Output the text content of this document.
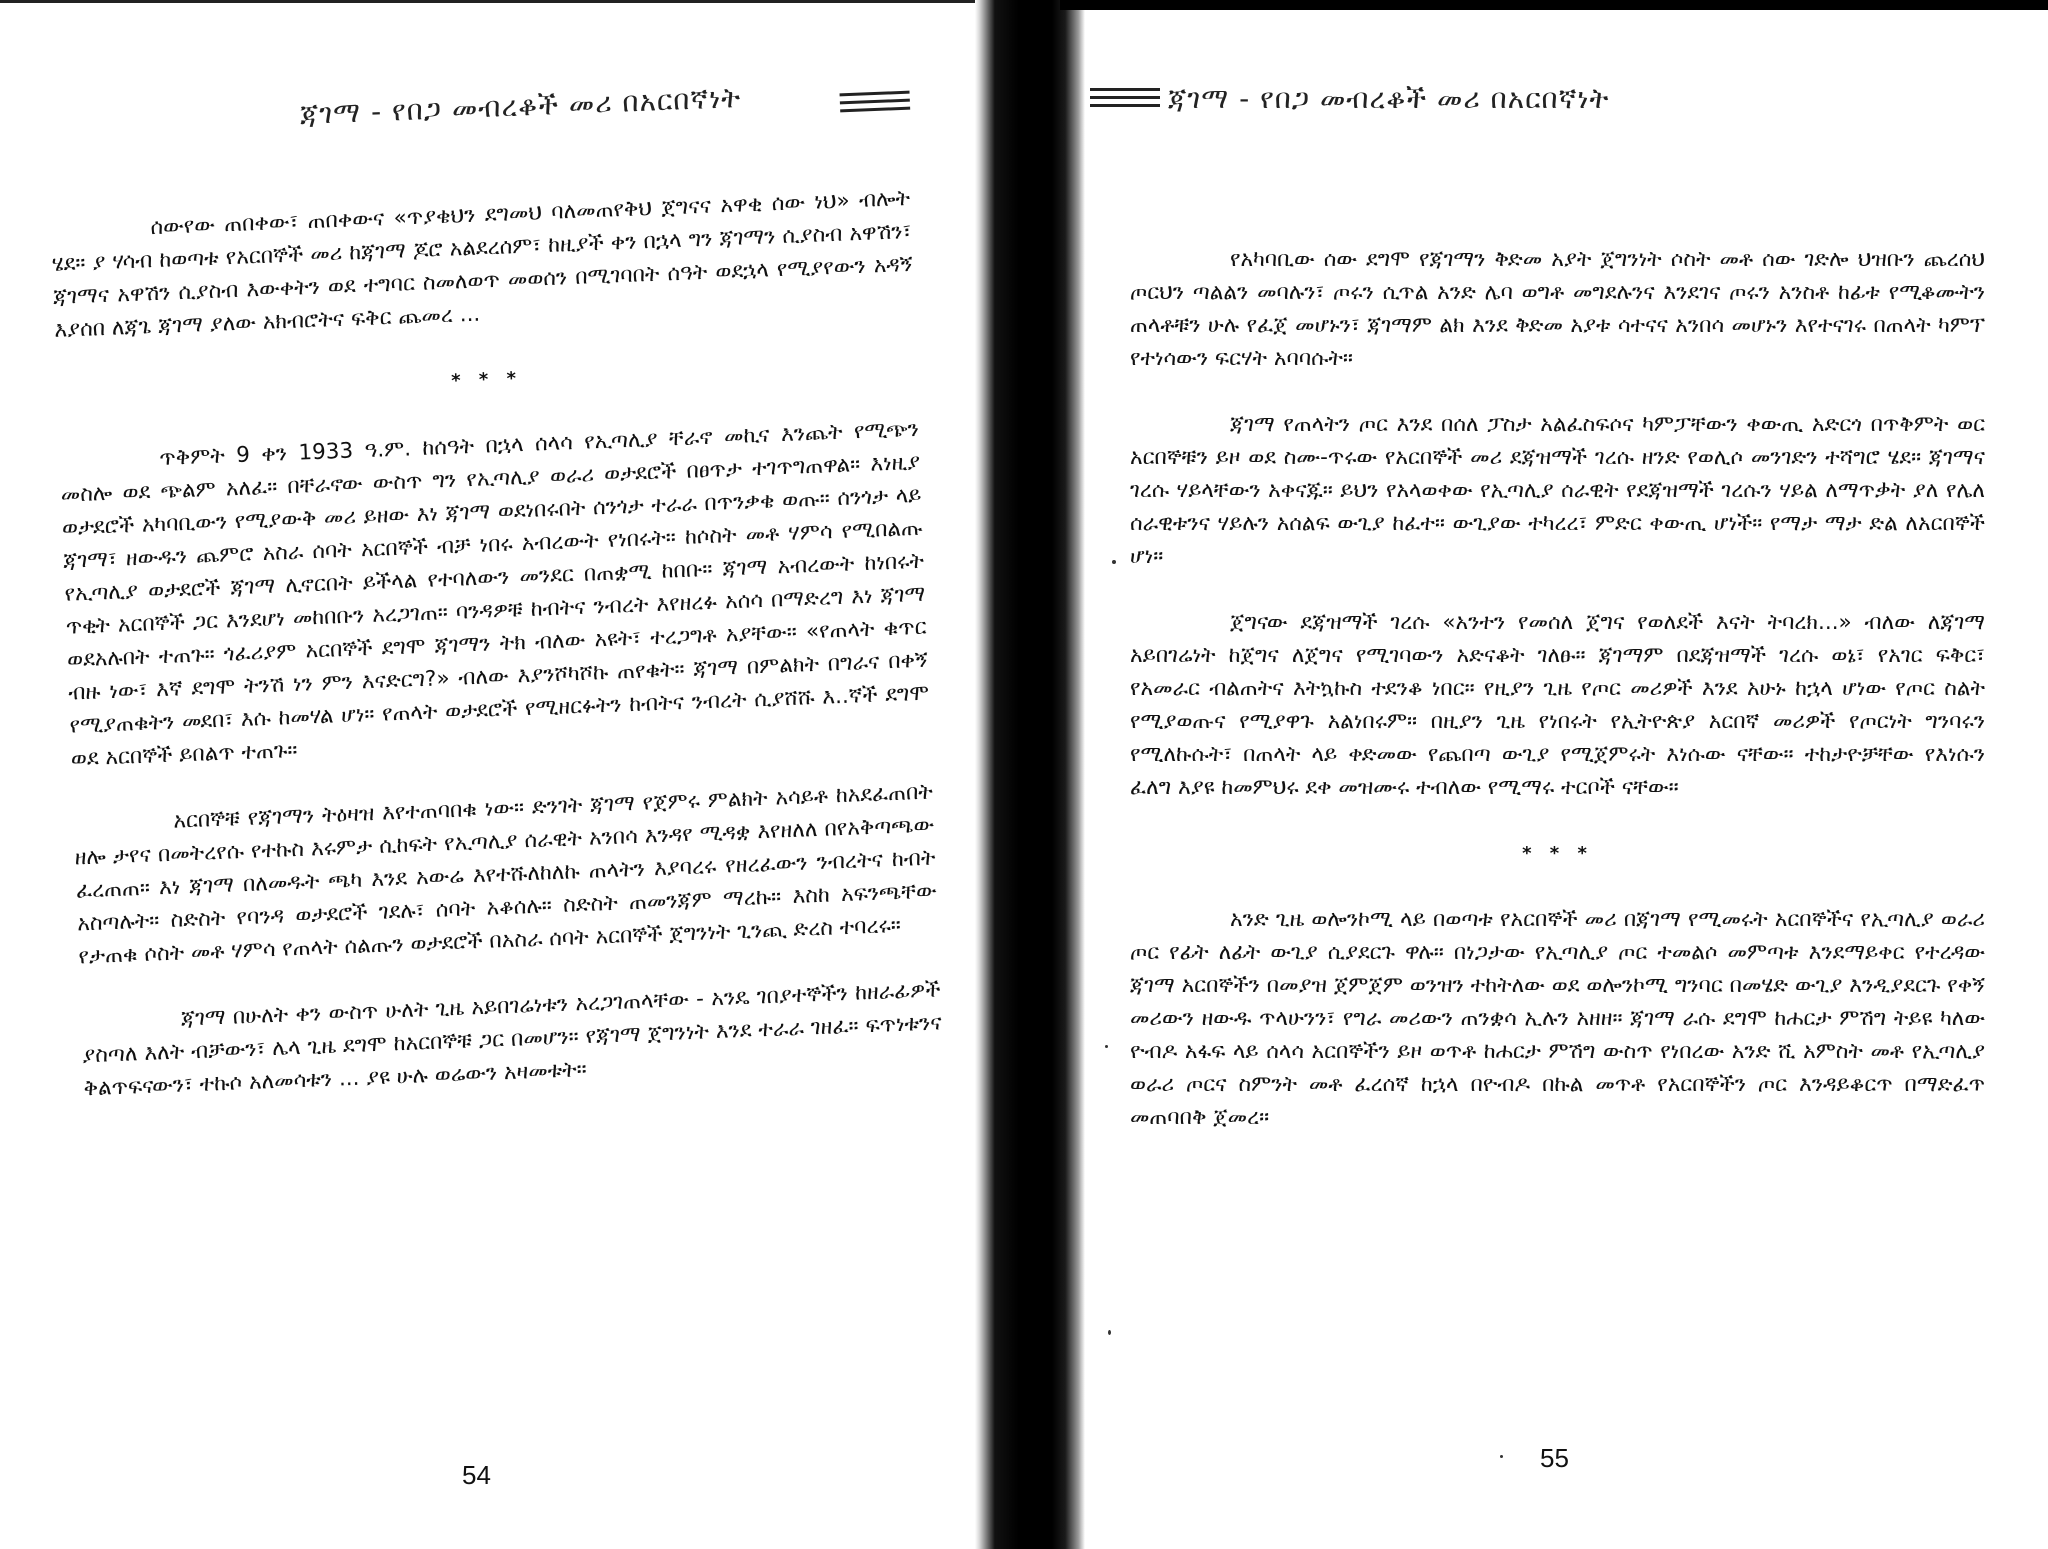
ጃገማ - የበጋ መብረቆች መሪ በአርበኛነት

ሰውየው ጠበቀው፣ ጠበቀውና «ጥያቄህን ደግመህ ባለመጠየቅህ ጀግናና አዋቂ ሰው ነህ» ብሎት ሄደ። ያ ሃሳብ ከወጣቱ የአርበኞች መሪ ከጃገማ ጆሮ አልደረሰም፣ ከዚያች ቀን በኋላ ግን ጃገማን ሲያስብ አዋሽን፣ ጃገማና አዋሽን ሲያስብ እውቀትን ወደ ተግባር ስመለወጥ መወሰን በሚገባበት ሰዓት ወደኋላ የሚያየውን አዳኝ እያሰበ ለጃጌ ጃገማ ያለው አክብሮትና ፍቅር ጨመረ ...

* * *

ጥቅምት 9 ቀን 1933 ዓ.ም. ከሰዓት በኋላ ሰላሳ የኢጣሊያ ቸራኖ መኪና እንጨት የሚጭን መስሎ ወደ ጭልም አለፈ። በቸራኖው ውስጥ ግን የኢጣሊያ ወራሪ ወታደሮች በፀጥታ ተገጥግጠዋል። እነዚያ ወታደሮች አካባቢውን የሚያውቅ መሪ ይዘው እነ ጃገማ ወደነበሩበት ሰንጎታ ተራራ በጥንቃቄ ወጡ። ሰንጎታ ላይ ጃገማ፣ ዘውዱን ጨምሮ አስራ ሰባት አርበኞች ብቻ ነበሩ አብረውት የነበሩት። ከሶስት መቶ ሃምሳ የሚበልጡ የኢጣሊያ ወታደሮች ጃገማ ሊኖርበት ይችላል የተባለውን መንደር በጠቋሚ ከበቡ። ጃገማ አብረውት ከነበሩት ጥቂት አርበኞች ጋር እንደሆነ መከበቡን አረጋገጠ። ባንዳዎቹ ከብትና ንብረት እየዘረፉ አሰሳ በማድረግ እነ ጃገማ ወደአሉበት ተጠጉ። ጎፈሪያም አርበኞች ደግሞ ጃገማን ትክ ብለው አዩት፣ ተረጋግቶ አያቸው። «የጠላት ቁጥር ብዙ ነው፣ እኛ ደግሞ ትንሽ ነን ምን እናድርግ?» ብለው እያንሾካሾኩ ጠየቁት። ጃገማ በምልክት በግራና በቀኝ የሚያጠቁትን መደበ፣ እሱ ከመሃል ሆነ። የጠላት ወታደሮች የሚዘርፉትን ከብትና ንብረት ሲያሸሹ እ..ኛች ደግሞ ወደ አርበኞች ይበልጥ ተጠጉ።

አርበኞቹ የጃገማን ትዕዛዝ እየተጠባበቁ ነው። ድንገት ጃገማ የጀምሩ ምልክት አሳይቶ ከአደፈጠበት ዘሎ ታየና በመትረየሱ የተኩስ እሩምታ ሲከፍት የኢጣሊያ ሰራዊት አንበሳ እንዳየ ሚዳቋ እየዘለለ በየአቅጣጫው ፈረጠጠ። እነ ጃገማ በለመዱት ጫካ እንደ አውሬ እየተሹለከለኩ ጠላትን እያባረሩ የዘረፈውን ንብረትና ከብት አስጣሉት። ስድስት የባንዳ ወታደሮች ገደሉ፣ ሰባት አቆሰሉ። ስድስት ጠመንጃም ማረኩ። እስከ አፍንጫቸው የታጠቁ ሶስት መቶ ሃምሳ የጠላት ሰልጡን ወታደሮች በአስራ ሰባት አርበኞች ጀግንነት ጊንጪ ድረስ ተባረሩ።

ጃገማ በሁለት ቀን ውስጥ ሁለት ጊዜ አይበገሬነቱን አረጋገጠላቸው - አንዴ ገበያተኞችን ከዘራፊዎች ያስጣለ እለት ብቻውን፣ ሌላ ጊዜ ደግሞ ከአርበኞቹ ጋር በመሆን። የጃገማ ጀግንነት እንደ ተራራ ገዘፈ። ፍጥነቱንና ቅልጥፍናውን፣ ተኩሶ አለመሳቱን ... ያዩ ሁሉ ወሬውን አዛመቱት።

54
ጃገማ - የበጋ መብረቆች መሪ በአርበኛነት

የአካባቢው ሰው ደግሞ የጃገማን ቅድመ አያት ጀግንነት ሶስት መቶ ሰው ገድሎ ህዝቡን ጨረሰህ ጦርህን ጣልልን መባሉን፣ ጦሩን ሲጥል አንድ ሌባ ወግቶ መግደሉንና እንደገና ጦሩን አንስቶ ከፊቱ የሚቆሙትን ጠላቶቹን ሁሉ የፈጀ መሆኑን፣ ጃገማም ልክ እንደ ቅድመ አያቱ ሳተናና አንበሳ መሆኑን እየተናገሩ በጠላት ካምፕ የተነሳውን ፍርሃት አባባሱት።

ጃገማ የጠላትን ጦር እንደ በሰለ ፓስታ አልፈስፍሶና ካምፓቸውን ቀውጢ አድርጎ በጥቅምት ወር አርበኞቹን ይዞ ወደ ስሙ-ጥሩው የአርበኞች መሪ ደጃዝማች ገረሱ ዘንድ የወሊሶ መንገድን ተሻግሮ ሄደ። ጃገማና ገረሱ ሃይላቸውን አቀናጁ። ይህን የአላወቀው የኢጣሊያ ሰራዊት የደጃዝማች ገረሱን ሃይል ለማጥቃት ያለ የሌለ ሰራዊቱንና ሃይሉን አሰልፍ ውጊያ ከፈተ። ውጊያው ተካረረ፣ ምድር ቀውጢ ሆነች። የማታ ማታ ድል ለአርበኞች ሆነ።

ጀግናው ደጃዝማች ገረሱ «አንተን የመሰለ ጀግና የወለደች እናት ትባረክ...» ብለው ለጃገማ አይበገሬነት ከጀግና ለጀግና የሚገባውን አድናቆት ገለፁ። ጃገማም በደጃዝማች ገረሱ ወኔ፣ የአገር ፍቅር፣ የአመራር ብልጠትና እትኳኩስ ተደንቆ ነበር። የዚያን ጊዜ የጦር መሪዎች እንደ አሁኑ ከኋላ ሆነው የጦር ስልት የሚያወጡና የሚያዋጉ አልነበሩም። በዚያን ጊዜ የነበሩት የኢትዮጵያ አርበኛ መሪዎች የጦርነት ግንባሩን የሚለኩሱት፣ በጠላት ላይ ቀድመው የጨበጣ ውጊያ የሚጀምሩት እነሱው ናቸው። ተከታዮቻቸው የእነሱን ፈለግ እያዩ ከመምህሩ ደቀ መዝሙሩ ተብለው የሚማሩ ተርቦች ናቸው።

* * *

አንድ ጊዜ ወሎንኮሚ ላይ በወጣቱ የአርበኞች መሪ በጃገማ የሚመሩት አርበኞችና የኢጣሊያ ወራሪ ጦር የፊት ለፊት ውጊያ ሲያደርጉ ዋሉ። በነጋታው የኢጣሊያ ጦር ተመልሶ መምጣቱ እንደማይቀር የተረዳው ጃገማ አርበኞችን በመያዝ ጀምጀም ወንዝን ተከትለው ወደ ወሎንኮሚ ግንባር በመሄድ ውጊያ እንዲያደርጉ የቀኝ መሪውን ዘውዱ ጥላሁንን፣ የግራ መሪውን ጠንቋሳ ኢሉን አዘዘ። ጃገማ ራሱ ደግሞ ከሐርታ ምሽግ ትይዩ ካለው ዮብዶ አፋፍ ላይ ሰላሳ አርበኞችን ይዞ ወጥቶ ከሐርታ ምሽግ ውስጥ የነበረው አንድ ሺ አምስት መቶ የኢጣሊያ ወራሪ ጦርና ስምንት መቶ ፈረሰኛ ከኋላ በዮብዶ በኩል መጥቶ የአርበኞችን ጦር እንዳይቆርጥ በማድፈጥ መጠባበቅ ጀመረ።

55
